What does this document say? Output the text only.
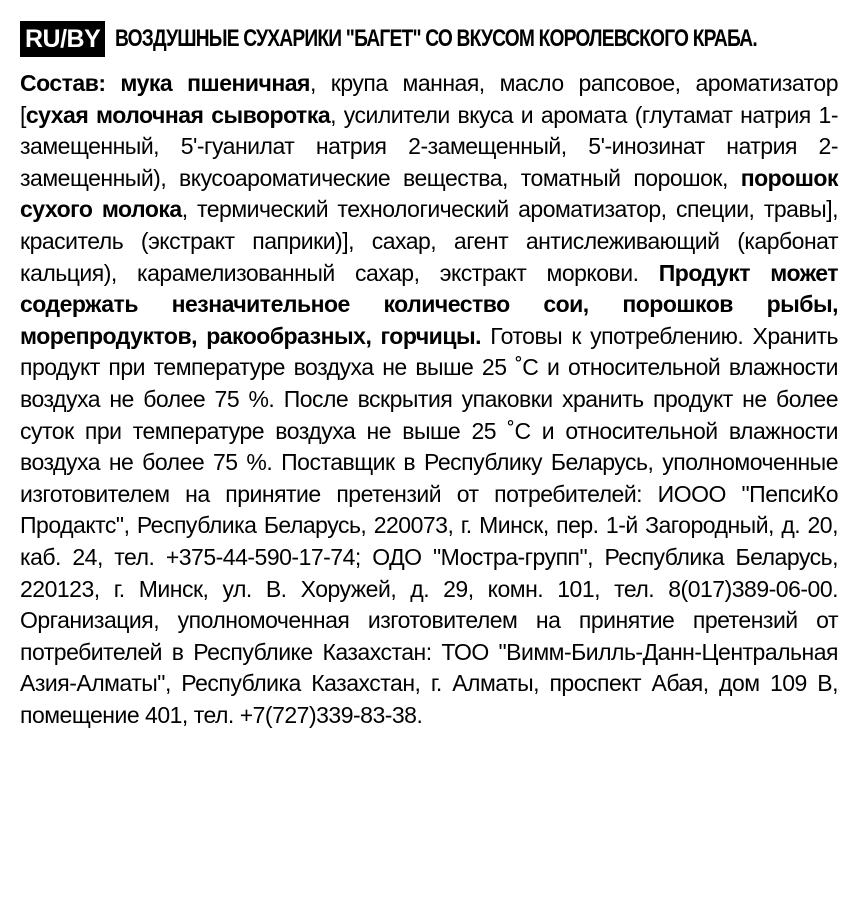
RU/BY ВОЗДУШНЫЕ СУХАРИКИ "БАГЕТ" СО ВКУСОМ КОРОЛЕВСКОГО КРАБА.

Состав: мука пшеничная, крупа манная, масло рапсовое, ароматизатор [сухая молочная сыворотка, усилители вкуса и аромата (глутамат натрия 1-замещенный, 5'-гуанилат натрия 2-замещенный, 5'-инозинат натрия 2-замещенный), вкусоароматические вещества, томатный порошок, порошок сухого молока, термический технологический ароматизатор, специи, травы], краситель (экстракт паприки)], сахар, агент антислеживающий (карбонат кальция), карамелизованный сахар, экстракт моркови. Продукт может содержать незначительное количество сои, порошков рыбы, морепродуктов, ракообразных, горчицы. Готовы к употреблению. Хранить продукт при температуре воздуха не выше 25 ˚С и относительной влажности воздуха не более 75 %. После вскрытия упаковки хранить продукт не более суток при температуре воздуха не выше 25 ˚С и относительной влажности воздуха не более 75 %. Поставщик в Республику Беларусь, уполномоченные изготовителем на принятие претензий от потребителей: ИООО "ПепсиКо Продактс", Республика Беларусь, 220073, г. Минск, пер. 1-й Загородный, д. 20, каб. 24, тел. +375-44-590-17-74; ОДО "Мостра-групп", Республика Беларусь, 220123, г. Минск, ул. В. Хоружей, д. 29, комн. 101, тел. 8(017)389-06-00. Организация, уполномоченная изготовителем на принятие претензий от потребителей в Республике Казахстан: ТОО "Вимм-Билль-Данн-Центральная Азия-Алматы", Республика Казахстан, г. Алматы, проспект Абая, дом 109 В, помещение 401, тел. +7(727)339-83-38.
